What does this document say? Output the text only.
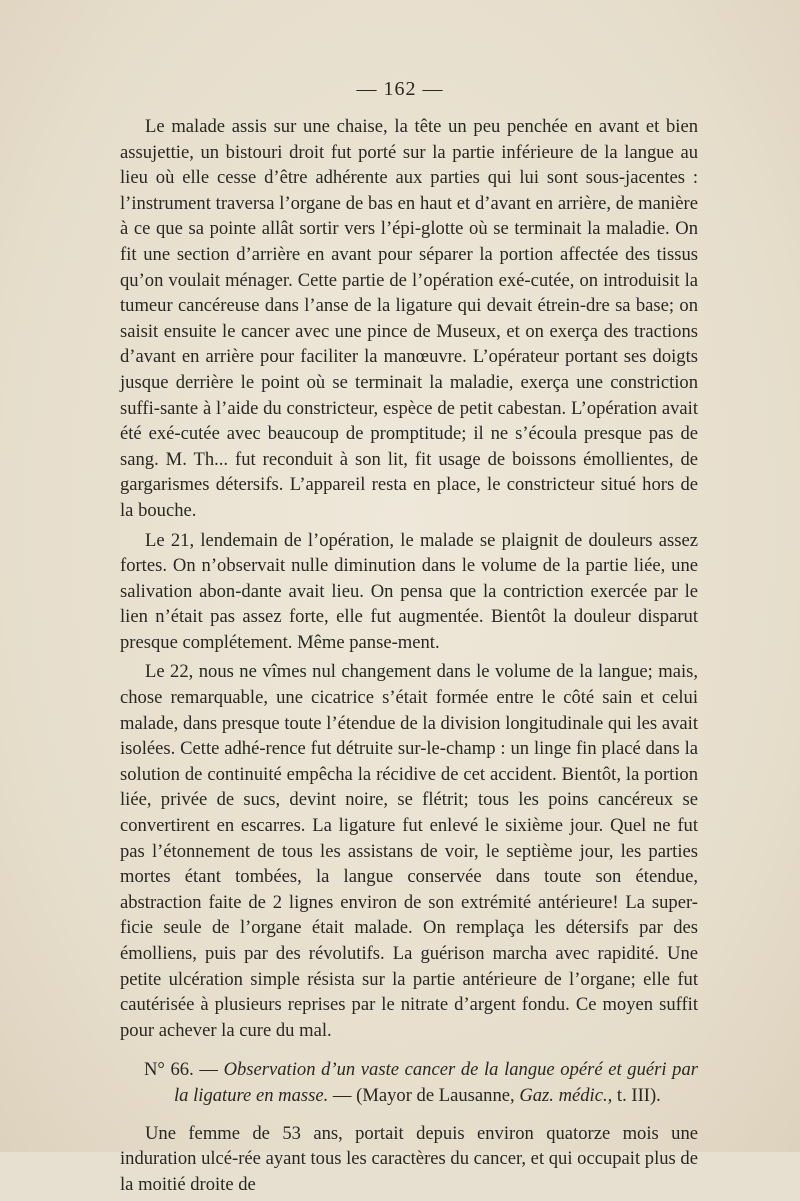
— 162 —

Le malade assis sur une chaise, la tête un peu penchée en avant et bien assujettie, un bistouri droit fut porté sur la partie inférieure de la langue au lieu où elle cesse d’être adhérente aux parties qui lui sont sous-jacentes : l’instrument traversa l’organe de bas en haut et d’avant en arrière, de manière à ce que sa pointe allât sortir vers l’épi-glotte où se terminait la maladie. On fit une section d’arrière en avant pour séparer la portion affectée des tissus qu’on voulait ménager. Cette partie de l’opération exé-cutée, on introduisit la tumeur cancéreuse dans l’anse de la ligature qui devait étrein-dre sa base; on saisit ensuite le cancer avec une pince de Museux, et on exerça des tractions d’avant en arrière pour faciliter la manœuvre. L’opérateur portant ses doigts jusque derrière le point où se terminait la maladie, exerça une constriction suffi-sante à l’aide du constricteur, espèce de petit cabestan. L’opération avait été exé-cutée avec beaucoup de promptitude; il ne s’écoula presque pas de sang. M. Th... fut reconduit à son lit, fit usage de boissons émollientes, de gargarismes détersifs. L’appareil resta en place, le constricteur situé hors de la bouche.

Le 21, lendemain de l’opération, le malade se plaignit de douleurs assez fortes. On n’observait nulle diminution dans le volume de la partie liée, une salivation abon-dante avait lieu. On pensa que la contriction exercée par le lien n’était pas assez forte, elle fut augmentée. Bientôt la douleur disparut presque complétement. Même panse-ment.

Le 22, nous ne vîmes nul changement dans le volume de la langue; mais, chose remarquable, une cicatrice s’était formée entre le côté sain et celui malade, dans presque toute l’étendue de la division longitudinale qui les avait isolées. Cette adhé-rence fut détruite sur-le-champ : un linge fin placé dans la solution de continuité empêcha la récidive de cet accident. Bientôt, la portion liée, privée de sucs, devint noire, se flétrit; tous les poins cancéreux se convertirent en escarres. La ligature fut enlevé le sixième jour. Quel ne fut pas l’étonnement de tous les assistans de voir, le septième jour, les parties mortes étant tombées, la langue conservée dans toute son étendue, abstraction faite de 2 lignes environ de son extrémité antérieure! La super-ficie seule de l’organe était malade. On remplaça les détersifs par des émolliens, puis par des révolutifs. La guérison marcha avec rapidité. Une petite ulcération simple résista sur la partie antérieure de l’organe; elle fut cautérisée à plusieurs reprises par le nitrate d’argent fondu. Ce moyen suffit pour achever la cure du mal.

N° 66. — Observation d’un vaste cancer de la langue opéré et guéri par la ligature en masse. — (Mayor de Lausanne, Gaz. médic., t. III).

Une femme de 53 ans, portait depuis environ quatorze mois une induration ulcé-rée ayant tous les caractères du cancer, et qui occupait plus de la moitié droite de
